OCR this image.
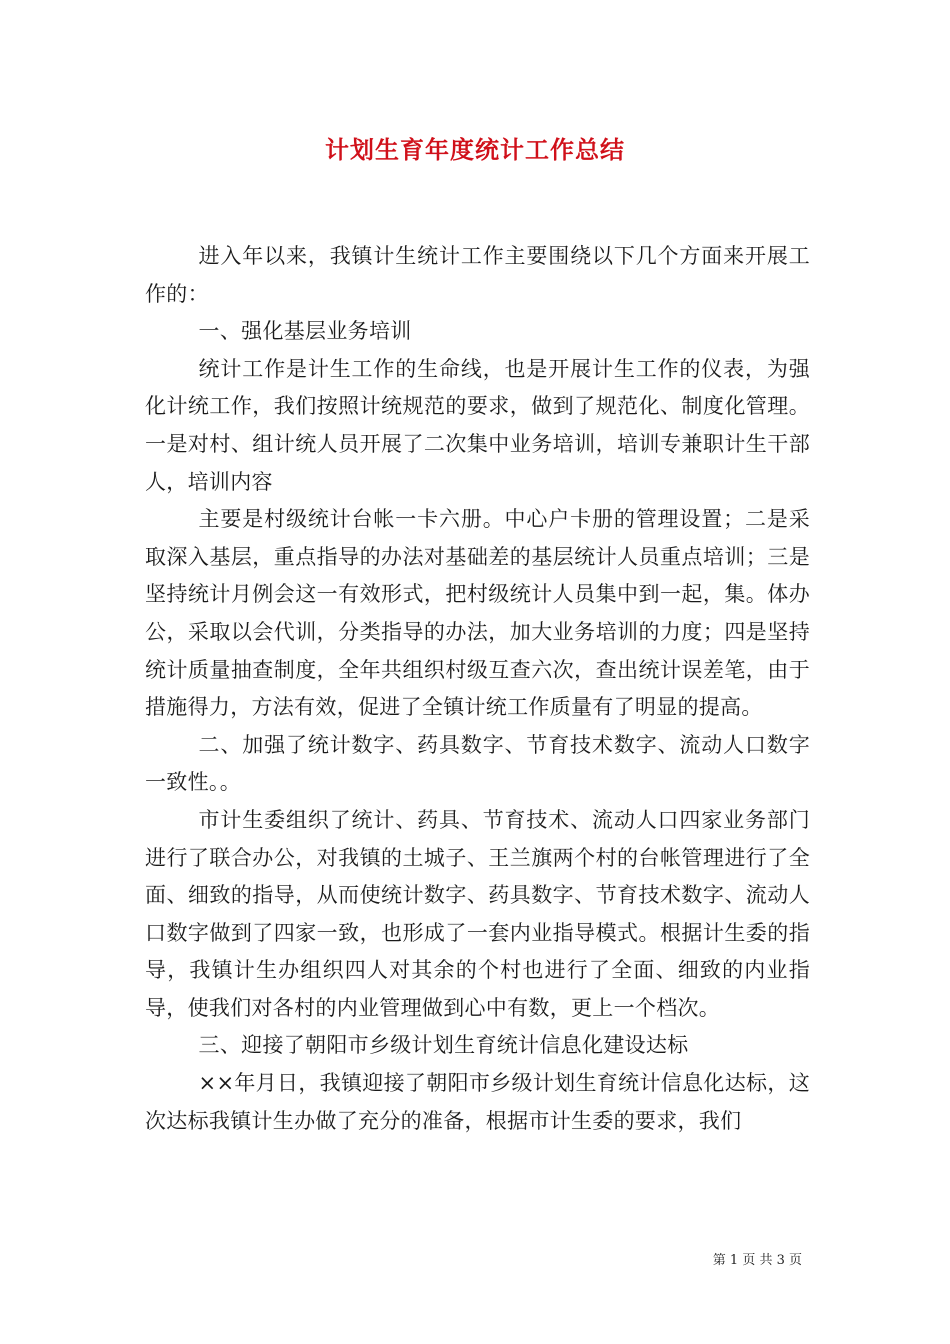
计划生育年度统计工作总结

进入年以来，我镇计生统计工作主要围绕以下几个方面来开展工作的：

一、强化基层业务培训

统计工作是计生工作的生命线，也是开展计生工作的仪表，为强化计统工作，我们按照计统规范的要求，做到了规范化、制度化管理。一是对村、组计统人员开展了二次集中业务培训，培训专兼职计生干部人，培训内容

主要是村级统计台帐一卡六册。中心户卡册的管理设置；二是采取深入基层，重点指导的办法对基础差的基层统计人员重点培训；三是坚持统计月例会这一有效形式，把村级统计人员集中到一起，集。体办公，采取以会代训，分类指导的办法，加大业务培训的力度；四是坚持统计质量抽查制度，全年共组织村级互查六次，查出统计误差笔，由于措施得力，方法有效，促进了全镇计统工作质量有了明显的提高。

二、加强了统计数字、药具数字、节育技术数字、流动人口数字一致性。。

市计生委组织了统计、药具、节育技术、流动人口四家业务部门进行了联合办公，对我镇的土城子、王兰旗两个村的台帐管理进行了全面、细致的指导，从而使统计数字、药具数字、节育技术数字、流动人口数字做到了四家一致，也形成了一套内业指导模式。根据计生委的指导，我镇计生办组织四人对其余的个村也进行了全面、细致的内业指导，使我们对各村的内业管理做到心中有数，更上一个档次。

三、迎接了朝阳市乡级计划生育统计信息化建设达标

××年月日，我镇迎接了朝阳市乡级计划生育统计信息化达标，这次达标我镇计生办做了充分的准备，根据市计生委的要求，我们

第 1 页 共 3 页
